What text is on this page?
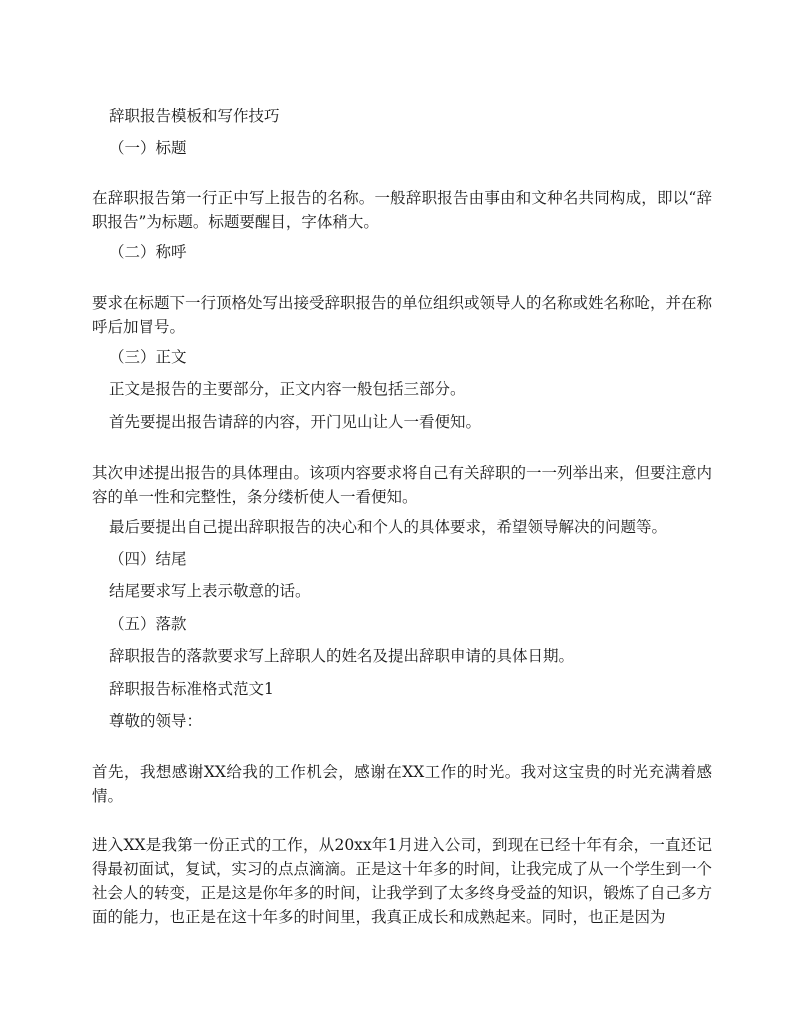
辞职报告模板和写作技巧
（一）标题
在辞职报告第一行正中写上报告的名称。一般辞职报告由事由和文种名共同构成，即以“辞职报告”为标题。标题要醒目，字体稍大。
（二）称呼
要求在标题下一行顶格处写出接受辞职报告的单位组织或领导人的名称或姓名称呛，并在称呼后加冒号。
（三）正文
正文是报告的主要部分，正文内容一般包括三部分。
首先要提出报告请辞的内容，开门见山让人一看便知。
其次申述提出报告的具体理由。该项内容要求将自己有关辞职的一一列举出来，但要注意内容的单一性和完整性，条分缕析使人一看便知。
最后要提出自己提出辞职报告的决心和个人的具体要求，希望领导解决的问题等。
（四）结尾
结尾要求写上表示敬意的话。
（五）落款
辞职报告的落款要求写上辞职人的姓名及提出辞职申请的具体日期。
辞职报告标准格式范文1
尊敬的领导：
首先，我想感谢XX给我的工作机会，感谢在XX工作的时光。我对这宝贵的时光充满着感情。
进入XX是我第一份正式的工作，从20xx年1月进入公司，到现在已经十年有余，一直还记得最初面试，复试，实习的点点滴滴。正是这十年多的时间，让我完成了从一个学生到一个社会人的转变，正是这是你年多的时间，让我学到了太多终身受益的知识，锻炼了自己多方面的能力，也正是在这十年多的时间里，我真正成长和成熟起来。同时，也正是因为
